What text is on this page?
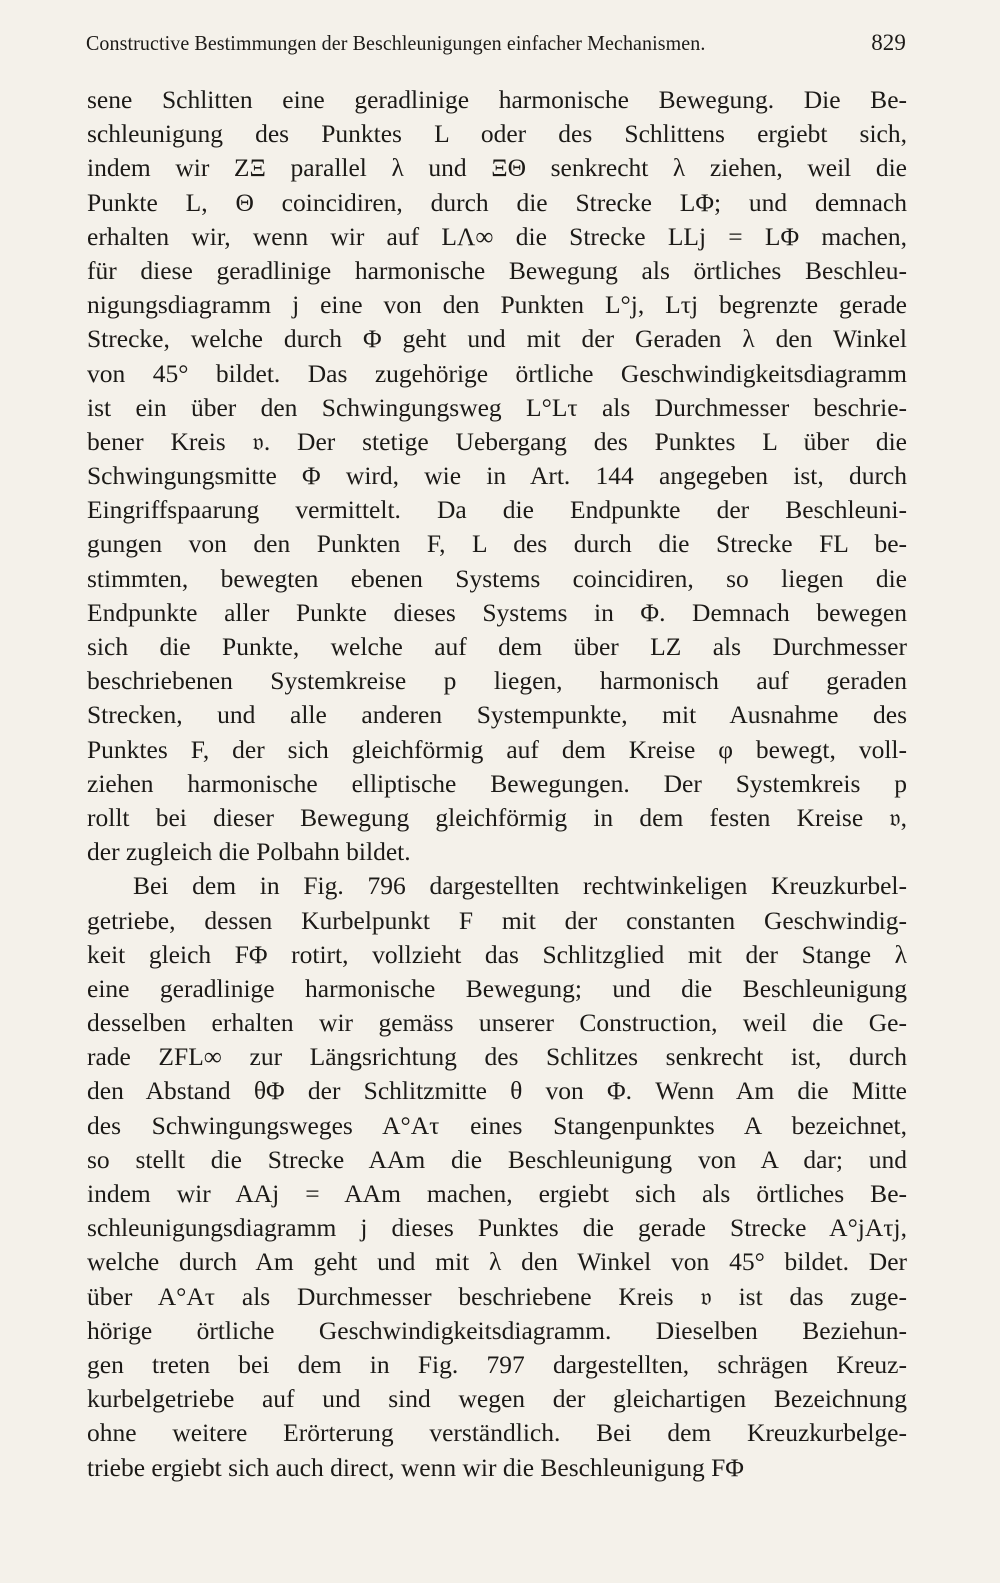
Constructive Bestimmungen der Beschleunigungen einfacher Mechanismen.	829
sene Schlitten eine geradlinige harmonische Bewegung. Die Be-
schleunigung des Punktes L oder des Schlittens ergiebt sich,
indem wir ZΞ parallel λ und ΞΘ senkrecht λ ziehen, weil die
Punkte L, Θ coincidiren, durch die Strecke LΦ; und demnach
erhalten wir, wenn wir auf LΛ∞ die Strecke LLj = LΦ machen,
für diese geradlinige harmonische Bewegung als örtliches Beschleu-
nigungsdiagramm j eine von den Punkten L°j, Lτj begrenzte gerade
Strecke, welche durch Φ geht und mit der Geraden λ den Winkel
von 45° bildet. Das zugehörige örtliche Geschwindigkeitsdiagramm
ist ein über den Schwingungsweg L°Lτ als Durchmesser beschrie-
bener Kreis 𝔳. Der stetige Uebergang des Punktes L über die
Schwingungsmitte Φ wird, wie in Art. 144 angegeben ist, durch
Eingriffspaarung vermittelt. Da die Endpunkte der Beschleuni-
gungen von den Punkten F, L des durch die Strecke FL be-
stimmten, bewegten ebenen Systems coincidiren, so liegen die
Endpunkte aller Punkte dieses Systems in Φ. Demnach bewegen
sich die Punkte, welche auf dem über LZ als Durchmesser
beschriebenen Systemkreise p liegen, harmonisch auf geraden
Strecken, und alle anderen Systempunkte, mit Ausnahme des
Punktes F, der sich gleichförmig auf dem Kreise φ bewegt, voll-
ziehen harmonische elliptische Bewegungen. Der Systemkreis p
rollt bei dieser Bewegung gleichförmig in dem festen Kreise 𝔳,
der zugleich die Polbahn bildet.
Bei dem in Fig. 796 dargestellten rechtwinkeligen Kreuzkurbel-
getriebe, dessen Kurbelpunkt F mit der constanten Geschwindig-
keit gleich FΦ rotirt, vollzieht das Schlitzglied mit der Stange λ
eine geradlinige harmonische Bewegung; und die Beschleunigung
desselben erhalten wir gemäss unserer Construction, weil die Ge-
rade ZFL∞ zur Längsrichtung des Schlitzes senkrecht ist, durch
den Abstand θΦ der Schlitzmitte θ von Φ. Wenn Am die Mitte
des Schwingungsweges A°Aτ eines Stangenpunktes A bezeichnet,
so stellt die Strecke AAm die Beschleunigung von A dar; und
indem wir AAj = AAm machen, ergiebt sich als örtliches Be-
schleunigungsdiagramm j dieses Punktes die gerade Strecke A°jAτj,
welche durch Am geht und mit λ den Winkel von 45° bildet. Der
über A°Aτ als Durchmesser beschriebene Kreis 𝔳 ist das zuge-
hörige örtliche Geschwindigkeitsdiagramm. Dieselben Beziehun-
gen treten bei dem in Fig. 797 dargestellten, schrägen Kreuz-
kurbelgetriebe auf und sind wegen der gleichartigen Bezeichnung
ohne weitere Erörterung verständlich. Bei dem Kreuzkurbelge-
triebe ergiebt sich auch direct, wenn wir die Beschleunigung FΦ
